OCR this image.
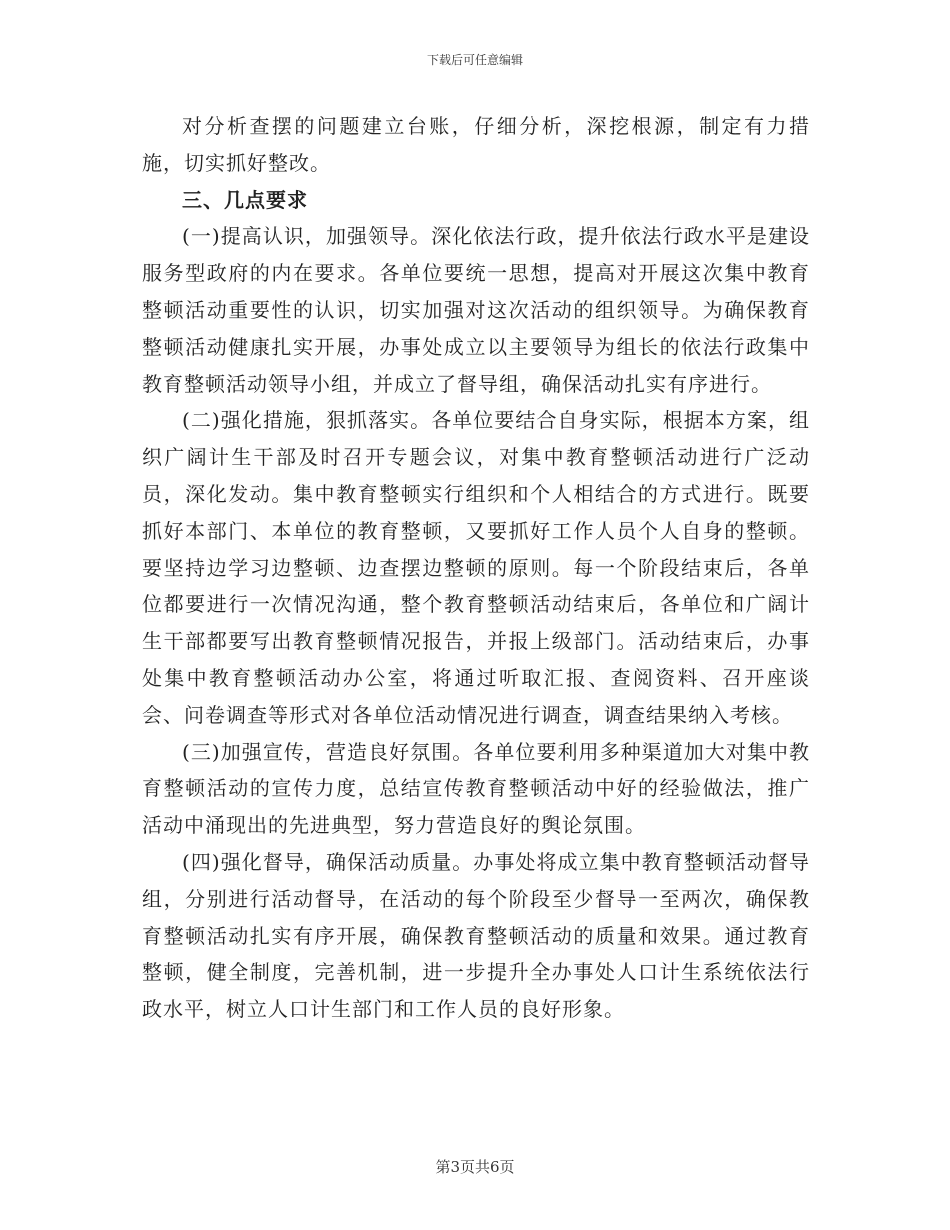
下载后可任意编辑

对分析查摆的问题建立台账，仔细分析，深挖根源，制定有力措施，切实抓好整改。

三、几点要求

(一)提高认识，加强领导。深化依法行政，提升依法行政水平是建设服务型政府的内在要求。各单位要统一思想，提高对开展这次集中教育整顿活动重要性的认识，切实加强对这次活动的组织领导。为确保教育整顿活动健康扎实开展，办事处成立以主要领导为组长的依法行政集中教育整顿活动领导小组，并成立了督导组，确保活动扎实有序进行。

(二)强化措施，狠抓落实。各单位要结合自身实际，根据本方案，组织广阔计生干部及时召开专题会议，对集中教育整顿活动进行广泛动员，深化发动。集中教育整顿实行组织和个人相结合的方式进行。既要抓好本部门、本单位的教育整顿，又要抓好工作人员个人自身的整顿。要坚持边学习边整顿、边查摆边整顿的原则。每一个阶段结束后，各单位都要进行一次情况沟通，整个教育整顿活动结束后，各单位和广阔计生干部都要写出教育整顿情况报告，并报上级部门。活动结束后，办事处集中教育整顿活动办公室，将通过听取汇报、查阅资料、召开座谈会、问卷调查等形式对各单位活动情况进行调查，调查结果纳入考核。

(三)加强宣传，营造良好氛围。各单位要利用多种渠道加大对集中教育整顿活动的宣传力度，总结宣传教育整顿活动中好的经验做法，推广活动中涌现出的先进典型，努力营造良好的舆论氛围。

(四)强化督导，确保活动质量。办事处将成立集中教育整顿活动督导组，分别进行活动督导，在活动的每个阶段至少督导一至两次，确保教育整顿活动扎实有序开展，确保教育整顿活动的质量和效果。通过教育整顿，健全制度，完善机制，进一步提升全办事处人口计生系统依法行政水平，树立人口计生部门和工作人员的良好形象。

第3页共6页
